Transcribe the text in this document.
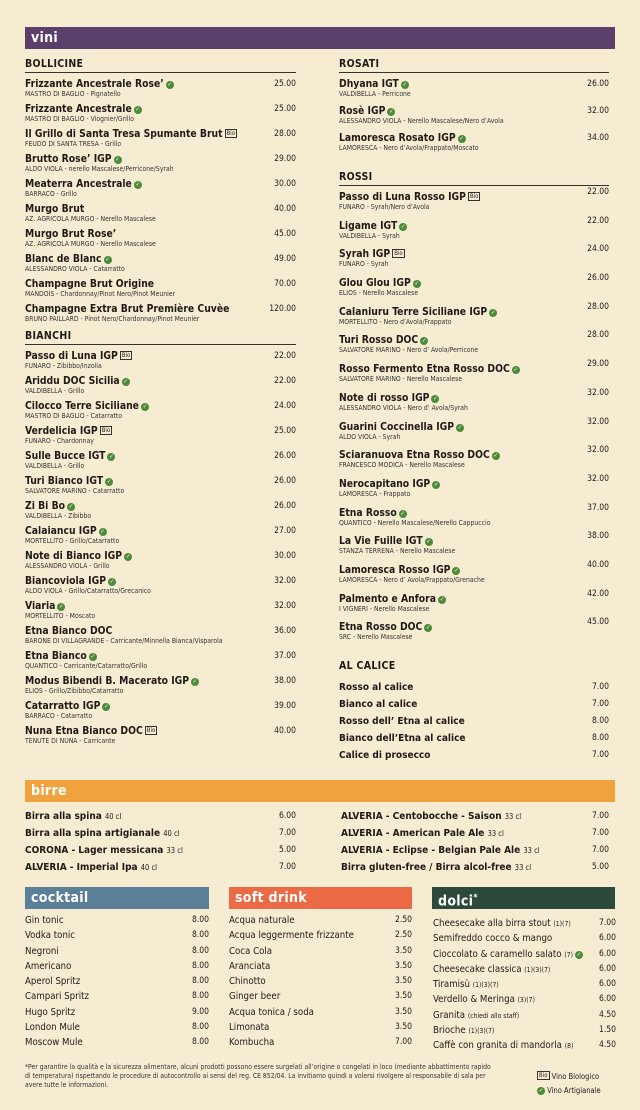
vini
BOLLICINE
Frizzante Ancestrale Rose’ ✓
MASTRO DI BAGLIO - Pignatello
25.00
Frizzante Ancestrale ✓
MASTRO DI BAGLIO - Viognier/Grillo
25.00
Il Grillo di Santa Tresa Spumante Brut Bio
FEUDO DI SANTA TRESA - Grillo
28.00
Brutto Rose’ IGP ✓
ALDO VIOLA - nerello Mascalese/Perricone/Syrah
29.00
Meaterra Ancestrale ✓
BARRACO - Grillo
30.00
Murgo Brut
AZ. AGRICOLA MURGO - Nerello Mascalese
40.00
Murgo Brut Rose’
AZ. AGRICOLA MURGO - Nerello Mascalese
45.00
Blanc de Blanc ✓
ALESSANDRO VIOLA - Catarratto
49.00
Champagne Brut Origine
MANDOIS - Chardonnay/Pinot Nero/Pinot Meunier
70.00
Champagne Extra Brut Première Cuvèe
BRUNO PAILLARD - Pinot Nero/Chardonnay/Pinot Meunier
120.00
BIANCHI
Passo di Luna IGP Bio
FUNARO - Zibibbo/Inzolia
22.00
Ariddu DOC Sicilia ✓
VALDIBELLA - Grillo
22.00
Cilocco Terre Siciliane ✓
MASTRO DI BAGLIO - Catarratto
24.00
Verdelicia IGP Bio
FUNARO - Chardonnay
25.00
Sulle Bucce IGT ✓
VALDIBELLA - Grillo
26.00
Turi Bianco IGT ✓
SALVATORE MARINO - Catarratto
26.00
Zi Bi Bo ✓
VALDIBELLA - Zibibbo
26.00
Calaiancu IGP ✓
MORTELLITO - Grillo/Catarratto
27.00
Note di Bianco IGP ✓
ALESSANDRO VIOLA - Grillo
30.00
Biancoviola IGP ✓
ALDO VIOLA - Grillo/Catarratto/Grecanico
32.00
Viaria ✓
MORTELLITO - Moscato
32.00
Etna Bianco DOC
BARONE DI VILLAGRANDE - Carricante/Minnella Bianca/Visparola
36.00
Etna Bianco ✓
QUANTICO - Carricante/Catarratto/Grillo
37.00
Modus Bibendi B. Macerato IGP ✓
ELIOS - Grillo/Zibibbo/Catarratto
38.00
Catarratto IGP ✓
BARRACO - Catarratto
39.00
Nuna Etna Bianco DOC Bio
TENUTE DI NUNA - Carricante
40.00
ROSATI
Dhyana IGT ✓
VALDIBELLA - Perricone
26.00
Rosè IGP ✓
ALESSANDRO VIOLA - Nerello Mascalese/Nero d’Avola
32.00
Lamoresca Rosato IGP ✓
LAMORESCA - Nero d’Avola/Frappato/Moscato
34.00
ROSSI
Passo di Luna Rosso IGP Bio
FUNARO - Syrah/Nero d’Avola
22.00
Ligame IGT ✓
VALDIBELLA - Syrah
22.00
Syrah IGP Bio
FUNARO - Syrah
24.00
Glou Glou IGP ✓
ELIOS - Nerello Mascalese
26.00
Calaniuru Terre Siciliane IGP ✓
MORTELLITO - Nero d’Avola/Frappato
28.00
Turi Rosso DOC ✓
SALVATORE MARINO - Nero d’ Avola/Perricone
28.00
Rosso Fermento Etna Rosso DOC ✓
SALVATORE MARINO - Nerello Mascalese
29.00
Note di rosso IGP ✓
ALESSANDRO VIOLA - Nero d’ Avola/Syrah
32.00
Guarini Coccinella IGP ✓
ALDO VIOLA - Syrah
32.00
Sciaranuova Etna Rosso DOC ✓
FRANCESCO MODICA - Nerello Mascalese
32.00
Nerocapitano IGP ✓
LAMORESCA - Frappato
32.00
Etna Rosso ✓
QUANTICO - Nerello Mascalese/Nerello Cappuccio
37.00
La Vie Fuille IGT ✓
STANZA TERRENA - Nerello Mascalese
38.00
Lamoresca Rosso IGP ✓
LAMORESCA - Nero d’ Avola/Frappato/Grenache
40.00
Palmento e Anfora ✓
I VIGNERI - Nerello Mascalese
42.00
Etna Rosso DOC ✓
SRC - Nerello Mascalese
45.00
AL CALICE
Rosso al calice	7.00
Bianco al calice	7.00
Rosso dell’ Etna al calice	8.00
Bianco dell’Etna al calice	8.00
Calice di prosecco	7.00
birre
Birra alla spina 40 cl	6.00
Birra alla spina artigianale 40 cl	7.00
CORONA - Lager messicana 33 cl	5.00
ALVERIA - Imperial Ipa 40 cl	7.00
ALVERIA - Centobocche - Saison 33 cl	7.00
ALVERIA - American Pale Ale 33 cl	7.00
ALVERIA - Eclipse - Belgian Pale Ale 33 cl	7.00
Birra gluten-free / Birra alcol-free 33 cl	5.00
cocktail
Gin tonic	8.00
Vodka tonic	8.00
Negroni	8.00
Americano	8.00
Aperol Spritz	8.00
Campari Spritz	8.00
Hugo Spritz	9.00
London Mule	8.00
Moscow Mule	8.00
soft drink
Acqua naturale	2.50
Acqua leggermente frizzante	2.50
Coca Cola	3.50
Aranciata	3.50
Chinotto	3.50
Ginger beer	3.50
Acqua tonica / soda	3.50
Limonata	3.50
Kombucha	7.00
dolci*
Cheesecake alla birra stout (1)(7)	7.00
Semifreddo cocco & mango	6.00
Cioccolato & caramello salato (7) ✓ 6.00
Cheesecake classica (1)(3)(7)	6.00
Tiramisù (1)(3)(7)	6.00
Verdello & Meringa (3)(7)	6.00
Granita (chiedi allo staff)	4.50
Brioche (1)(3)(7)	1.50
Caffè con granita di mandorla (8)	4.50
*Per garantire la qualità e la sicurezza alimentare, alcuni prodotti possono essere surgelati all’origine o congelati in loco (mediante abbattimento rapido di temperatura) rispettando le procedure di autocontrollo ai sensi del reg. CE 852/04. La invitiamo quindi a volersi rivolgere al responsabile di sala per avere tutte le informazioni.
Bio Vino Biologico
✓ Vino Artigianale
